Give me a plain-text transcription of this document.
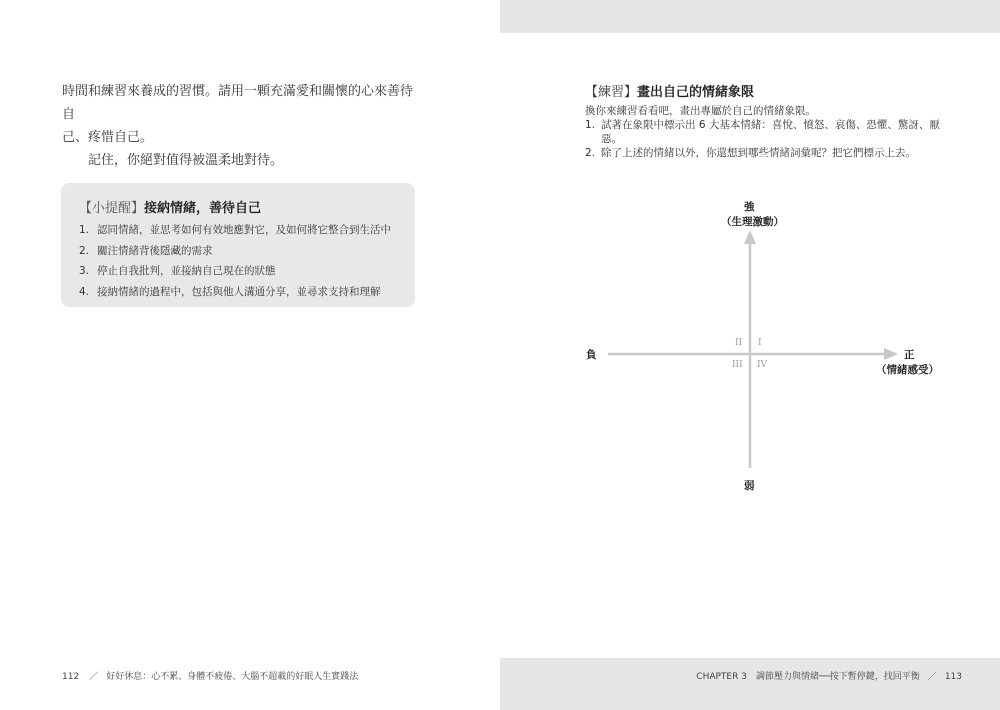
時間和練習來養成的習慣。請用一顆充滿愛和關懷的心來善待自

己、疼惜自己。

記住，你絕對值得被溫柔地對待。

【小提醒】接納情緒，善待自己
1. 認同情緒，並思考如何有效地應對它，及如何將它整合到生活中
2. 關注情緒背後隱藏的需求
3. 停止自我批判，並接納自己現在的狀態
4. 接納情緒的過程中，包括與他人溝通分享，並尋求支持和理解
112 ／ 好好休息：心不累、身體不疲倦、大腦不超載的好眠人生實踐法
【練習】畫出自己的情緒象限

換你來練習看看吧，畫出專屬於自己的情緒象限。

1. 試著在象限中標示出 6 大基本情緒：喜悅、憤怒、哀傷、恐懼、驚訝、厭惡。
2. 除了上述的情緒以外，你還想到哪些情緒詞彙呢？把它們標示上去。
強
（生理激動）
弱
負	正
（情緒感受）
I
II
III IV
CHAPTER 3　調節壓力與情緒──按下暫停鍵，找回平衡 ／ 113
